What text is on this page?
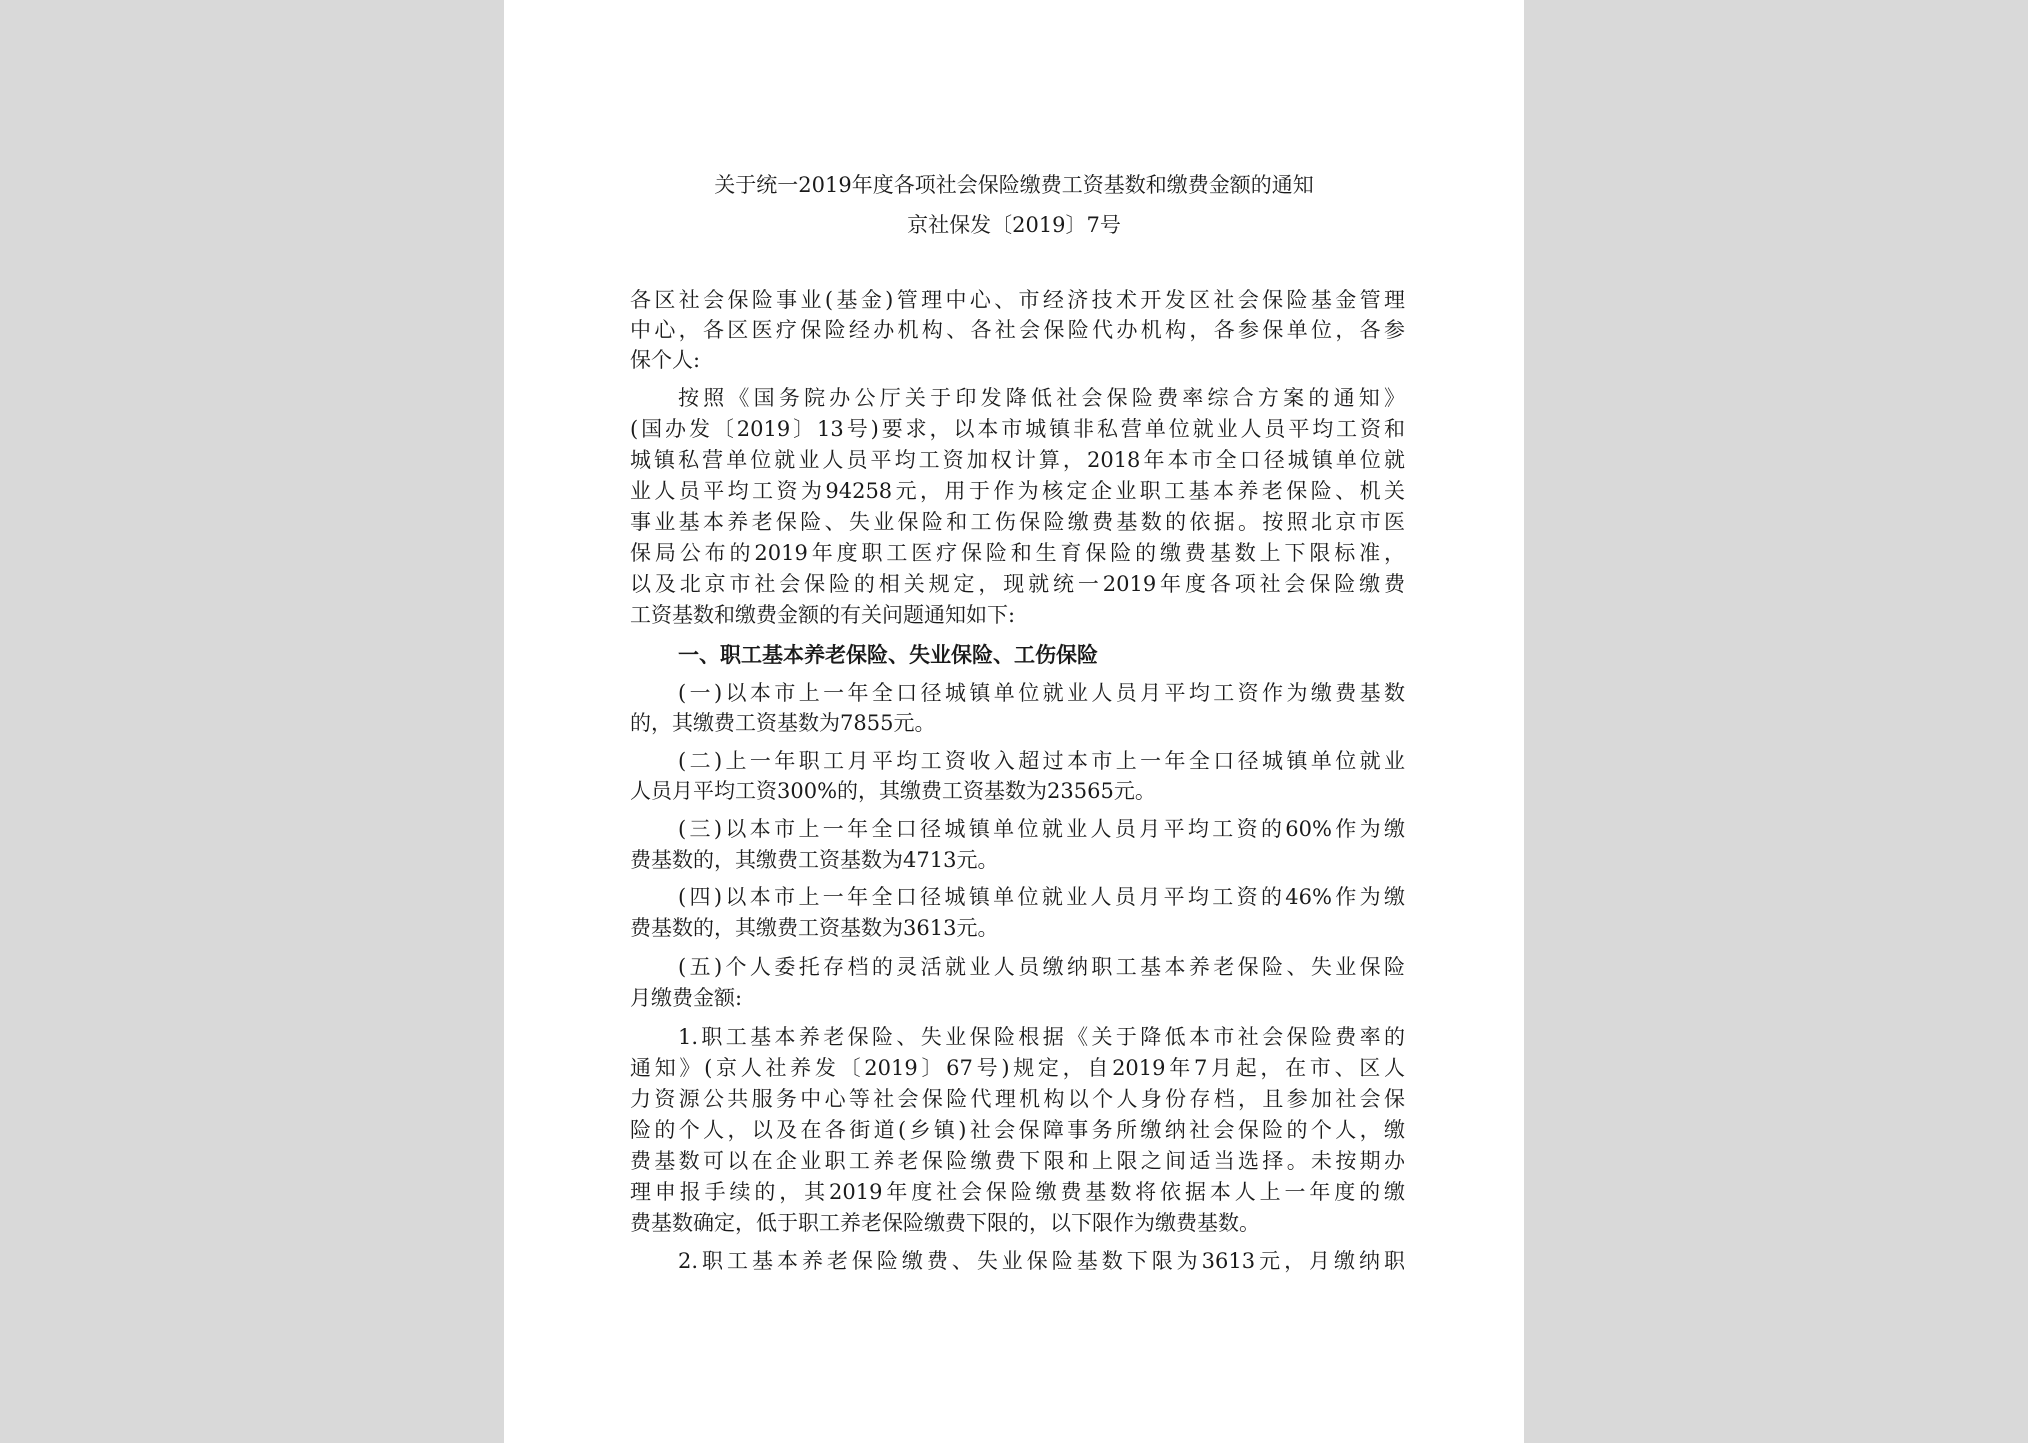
关于统一2019年度各项社会保险缴费工资基数和缴费金额的通知
京社保发〔2019〕7号
各区社会保险事业(基金)管理中心、市经济技术开发区社会保险基金管理
中心，各区医疗保险经办机构、各社会保险代办机构，各参保单位，各参
保个人:
按照《国务院办公厅关于印发降低社会保险费率综合方案的通知》
(国办发〔2019〕13号)要求，以本市城镇非私营单位就业人员平均工资和
城镇私营单位就业人员平均工资加权计算，2018年本市全口径城镇单位就
业人员平均工资为94258元，用于作为核定企业职工基本养老保险、机关
事业基本养老保险、失业保险和工伤保险缴费基数的依据。按照北京市医
保局公布的2019年度职工医疗保险和生育保险的缴费基数上下限标准，
以及北京市社会保险的相关规定，现就统一2019年度各项社会保险缴费
工资基数和缴费金额的有关问题通知如下:
一、职工基本养老保险、失业保险、工伤保险
(一)以本市上一年全口径城镇单位就业人员月平均工资作为缴费基数
的，其缴费工资基数为7855元。
(二)上一年职工月平均工资收入超过本市上一年全口径城镇单位就业
人员月平均工资300%的，其缴费工资基数为23565元。
(三)以本市上一年全口径城镇单位就业人员月平均工资的60%作为缴
费基数的，其缴费工资基数为4713元。
(四)以本市上一年全口径城镇单位就业人员月平均工资的46%作为缴
费基数的，其缴费工资基数为3613元。
(五)个人委托存档的灵活就业人员缴纳职工基本养老保险、失业保险
月缴费金额:
1.职工基本养老保险、失业保险根据《关于降低本市社会保险费率的
通知》(京人社养发〔2019〕67号)规定，自2019年7月起，在市、区人
力资源公共服务中心等社会保险代理机构以个人身份存档，且参加社会保
险的个人，以及在各街道(乡镇)社会保障事务所缴纳社会保险的个人，缴
费基数可以在企业职工养老保险缴费下限和上限之间适当选择。未按期办
理申报手续的，其2019年度社会保险缴费基数将依据本人上一年度的缴
费基数确定，低于职工养老保险缴费下限的，以下限作为缴费基数。
2.职工基本养老保险缴费、失业保险基数下限为3613元，月缴纳职
